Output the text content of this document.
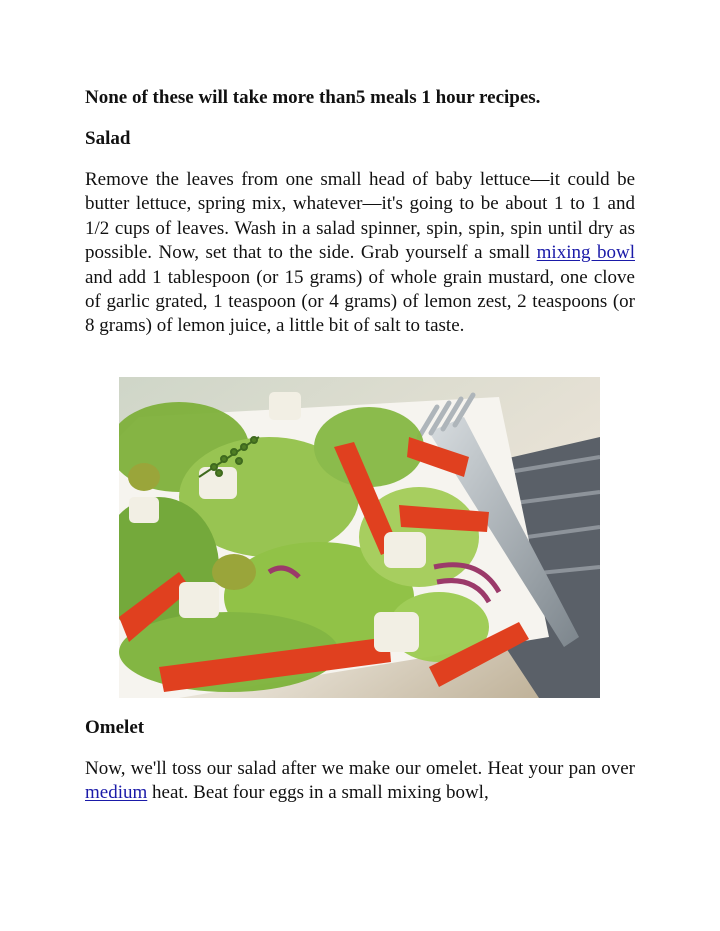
None of these will take more than5 meals 1 hour recipes.
Salad
Remove the leaves from one small head of baby lettuce—it could be butter lettuce, spring mix, whatever—it's going to be about 1 to 1 and 1/2 cups of leaves. Wash in a salad spinner, spin, spin, spin until dry as possible. Now, set that to the side. Grab yourself a small mixing bowl and add 1 tablespoon (or 15 grams) of whole grain mustard, one clove of garlic grated, 1 teaspoon (or 4 grams) of lemon zest, 2 teaspoons (or 8 grams) of lemon juice, a little bit of salt to taste.
Omelet
Now, we'll toss our salad after we make our omelet. Heat your pan over medium heat. Beat four eggs in a small mixing bowl,
